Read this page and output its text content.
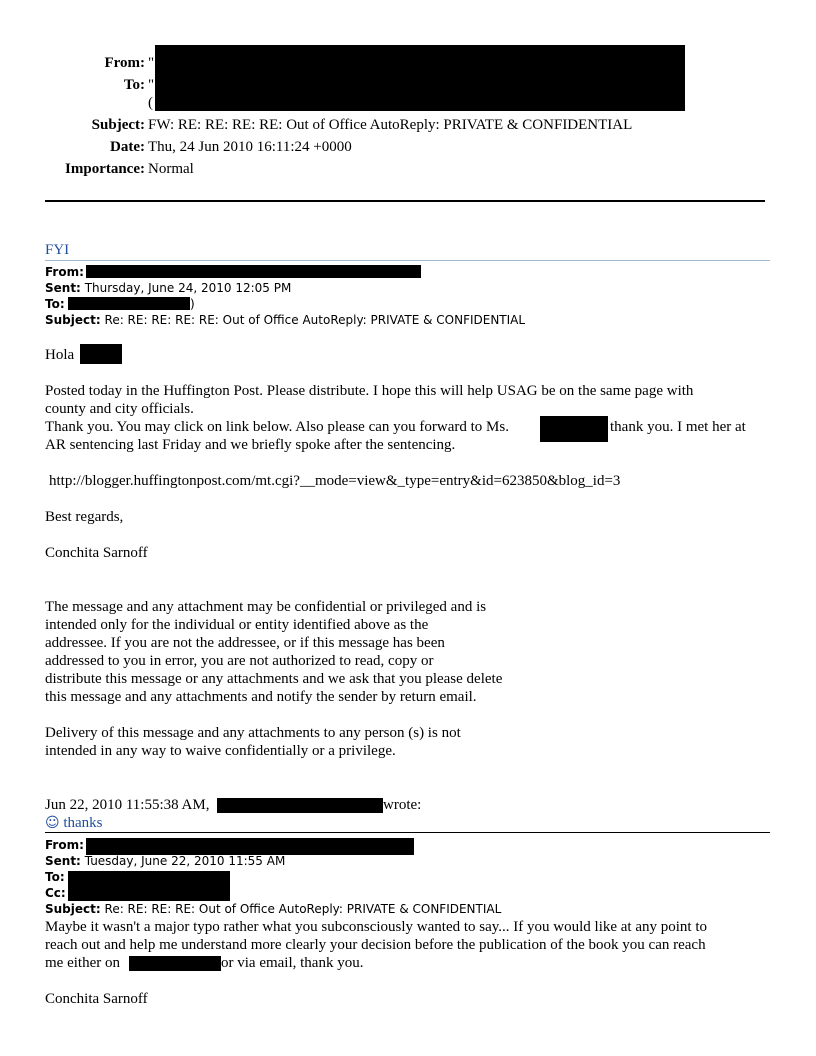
From: "
To: "
(
Subject: FW: RE: RE: RE: RE: Out of Office AutoReply: PRIVATE & CONFIDENTIAL
Date: Thu, 24 Jun 2010 16:11:24 +0000
Importance: Normal
FYI
From:
Sent: Thursday, June 24, 2010 12:05 PM
To:	)
Subject: Re: RE: RE: RE: RE: Out of Office AutoReply: PRIVATE & CONFIDENTIAL
Hola
Posted today in the Huffington Post. Please distribute. I hope this will help USAG be on the same page with
county and city officials.
Thank you. You may click on link below. Also please can you forward to Ms.	thank you. I met her at
AR sentencing last Friday and we briefly spoke after the sentencing.
http://blogger.huffingtonpost.com/mt.cgi?__mode=view&_type=entry&id=623850&blog_id=3
Best regards,
Conchita Sarnoff
The message and any attachment may be confidential or privileged and is
intended only for the individual or entity identified above as the
addressee. If you are not the addressee, or if this message has been
addressed to you in error, you are not authorized to read, copy or
distribute this message or any attachments and we ask that you please delete
this message and any attachments and notify the sender by return email.
Delivery of this message and any attachments to any person (s) is not
intended in any way to waive confidentially or a privilege.
Jun 22, 2010 11:55:38 AM,	wrote:
☺ thanks
From:
Sent: Tuesday, June 22, 2010 11:55 AM
To:
Cc:
Subject: Re: RE: RE: RE: Out of Office AutoReply: PRIVATE & CONFIDENTIAL
Maybe it wasn't a major typo rather what you subconsciously wanted to say... If you would like at any point to
reach out and help me understand more clearly your decision before the publication of the book you can reach
me either on	or via email, thank you.
Conchita Sarnoff
